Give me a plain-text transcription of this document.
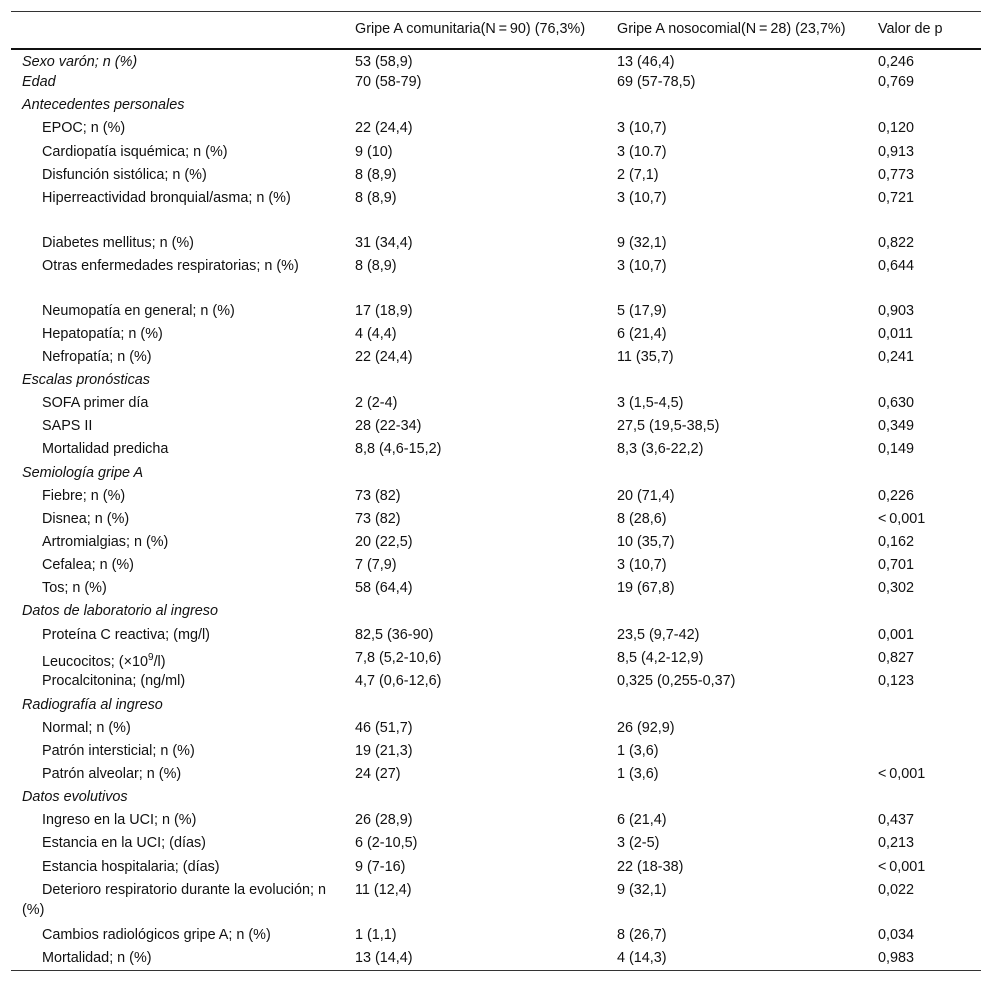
	Gripe A comunitaria(N = 90) (76,3%)	Gripe A nosocomial(N = 28) (23,7%)	Valor de p
Sexo varón; n (%)	53 (58,9)	13 (46,4)	0,246
Edad	70 (58-79)	69 (57-78,5)	0,769
Antecedentes personales			
EPOC; n (%)	22 (24,4)	3 (10,7)	0,120
Cardiopatía isquémica; n (%)	9 (10)	3 (10.7)	0,913
Disfunción sistólica; n (%)	8 (8,9)	2 (7,1)	0,773
Hiperreactividad bronquial/asma; n (%)	8 (8,9)	3 (10,7)	0,721
Diabetes mellitus; n (%)	31 (34,4)	9 (32,1)	0,822
Otras enfermedades respiratorias; n (%)	8 (8,9)	3 (10,7)	0,644
Neumopatía en general; n (%)	17 (18,9)	5 (17,9)	0,903
Hepatopatía; n (%)	4 (4,4)	6 (21,4)	0,011
Nefropatía; n (%)	22 (24,4)	11 (35,7)	0,241
Escalas pronósticas			
SOFA primer día	2 (2-4)	3 (1,5-4,5)	0,630
SAPS II	28 (22-34)	27,5 (19,5-38,5)	0,349
Mortalidad predicha	8,8 (4,6-15,2)	8,3 (3,6-22,2)	0,149
Semiología gripe A			
Fiebre; n (%)	73 (82)	20 (71,4)	0,226
Disnea; n (%)	73 (82)	8 (28,6)	< 0,001
Artromialgias; n (%)	20 (22,5)	10 (35,7)	0,162
Cefalea; n (%)	7 (7,9)	3 (10,7)	0,701
Tos; n (%)	58 (64,4)	19 (67,8)	0,302
Datos de laboratorio al ingreso			
Proteína C reactiva; (mg/l)	82,5 (36-90)	23,5 (9,7-42)	0,001
Leucocitos; $(\times 10^9/l)$	7,8 (5,2-10,6)	8,5 (4,2-12,9)	0,827
Procalcitonina; (ng/ml)	4,7 (0,6-12,6)	0,325 (0,255-0,37)	0,123
Radiografía al ingreso			
Normal; n (%)	46 (51,7)	26 (92,9)	
Patrón intersticial; n (%)	19 (21,3)	1 (3,6)	
Patrón alveolar; n (%)	24 (27)	1 (3,6)	< 0,001
Datos evolutivos			
Ingreso en la UCI; n (%)	26 (28,9)	6 (21,4)	0,437
Estancia en la UCI; (días)	6 (2-10,5)	3 (2-5)	0,213
Estancia hospitalaria; (días)	9 (7-16)	22 (18-38)	< 0,001
Deterioro respiratorio durante la evolución; n (%)	11 (12,4)	9 (32,1)	0,022
Cambios radiológicos gripe A; n (%)	1 (1,1)	8 (26,7)	0,034
Mortalidad; n (%)	13 (14,4)	4 (14,3)	0,983
